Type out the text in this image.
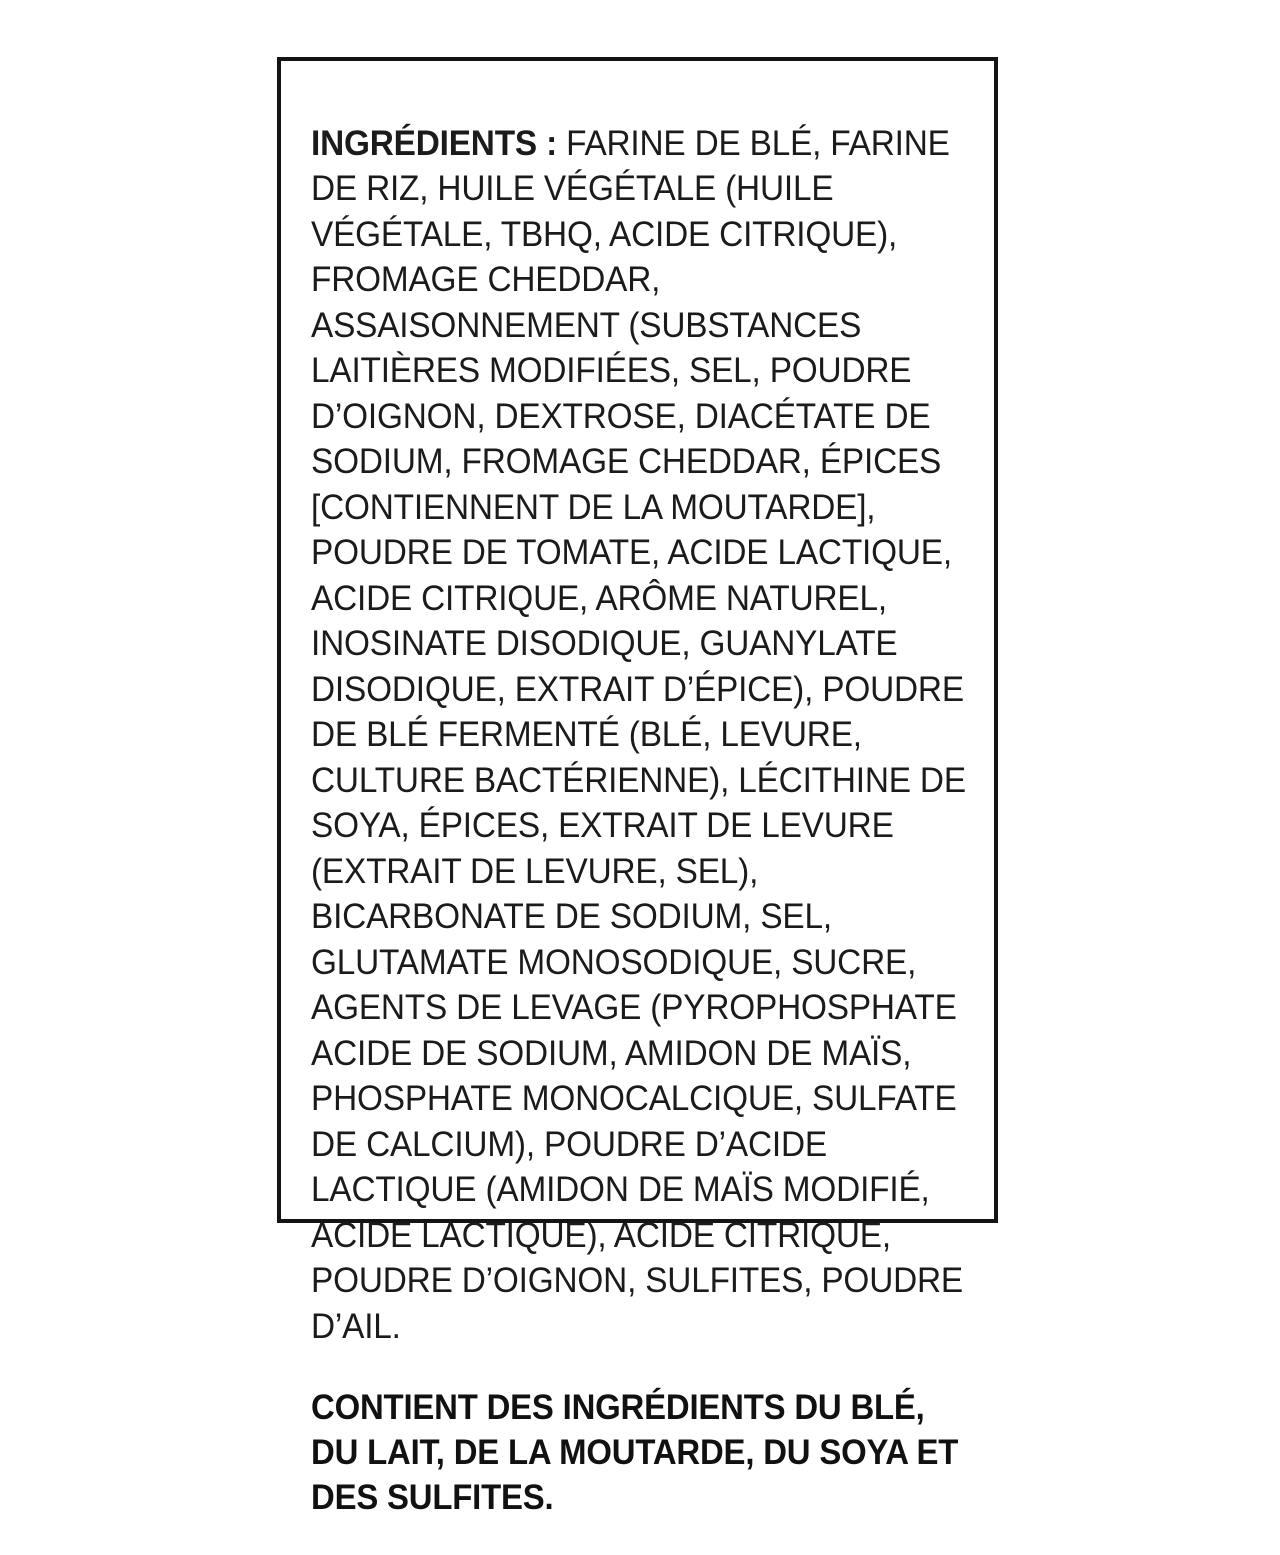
INGRÉDIENTS : FARINE DE BLÉ, FARINE DE RIZ, HUILE VÉGÉTALE (HUILE VÉGÉTALE, TBHQ, ACIDE CITRIQUE), FROMAGE CHEDDAR, ASSAISONNEMENT (SUBSTANCES LAITIÈRES MODIFIÉES, SEL, POUDRE D’OIGNON, DEXTROSE, DIACÉTATE DE SODIUM, FROMAGE CHEDDAR, ÉPICES [CONTIENNENT DE LA MOUTARDE], POUDRE DE TOMATE, ACIDE LACTIQUE, ACIDE CITRIQUE, ARÔME NATUREL, INOSINATE DISODIQUE, GUANYLATE DISODIQUE, EXTRAIT D’ÉPICE), POUDRE DE BLÉ FERMENTÉ (BLÉ, LEVURE, CULTURE BACTÉRIENNE), LÉCITHINE DE SOYA, ÉPICES, EXTRAIT DE LEVURE (EXTRAIT DE LEVURE, SEL), BICARBONATE DE SODIUM, SEL, GLUTAMATE MONOSODIQUE, SUCRE, AGENTS DE LEVAGE (PYROPHOSPHATE ACIDE DE SODIUM, AMIDON DE MAÏS, PHOSPHATE MONOCALCIQUE, SULFATE DE CALCIUM), POUDRE D’ACIDE LACTIQUE (AMIDON DE MAÏS MODIFIÉ, ACIDE LACTIQUE), ACIDE CITRIQUE, POUDRE D’OIGNON, SULFITES, POUDRE D’AIL.

CONTIENT DES INGRÉDIENTS DU BLÉ, DU LAIT, DE LA MOUTARDE, DU SOYA ET DES SULFITES.
